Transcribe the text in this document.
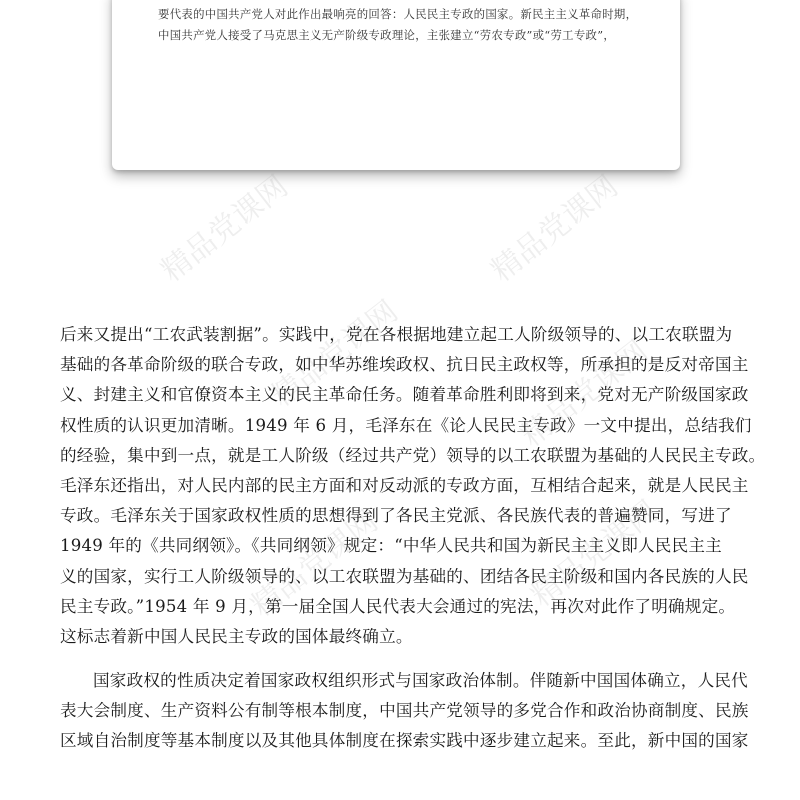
要代表的中国共产党人对此作出最响亮的回答：人民民主专政的国家。新民主主义革命时期，

中国共产党人接受了马克思主义无产阶级专政理论，主张建立“劳农专政”或“劳工专政”，

精品党课网	精品党课网
精品党课网	精品党课网
精品党课网	精品党课网

后来又提出“工农武装割据”。实践中，党在各根据地建立起工人阶级领导的、以工农联盟为

基础的各革命阶级的联合专政，如中华苏维埃政权、抗日民主政权等，所承担的是反对帝国主

义、封建主义和官僚资本主义的民主革命任务。随着革命胜利即将到来，党对无产阶级国家政

权性质的认识更加清晰。1949 年 6 月，毛泽东在《论人民民主专政》一文中提出，总结我们

的经验，集中到一点，就是工人阶级（经过共产党）领导的以工农联盟为基础的人民民主专政。

毛泽东还指出，对人民内部的民主方面和对反动派的专政方面，互相结合起来，就是人民民主

专政。毛泽东关于国家政权性质的思想得到了各民主党派、各民族代表的普遍赞同，写进了

1949 年的《共同纲领》。《共同纲领》规定：“中华人民共和国为新民主主义即人民民主主

义的国家，实行工人阶级领导的、以工农联盟为基础的、团结各民主阶级和国内各民族的人民

民主专政。”1954 年 9 月，第一届全国人民代表大会通过的宪法，再次对此作了明确规定。

这标志着新中国人民民主专政的国体最终确立。

国家政权的性质决定着国家政权组织形式与国家政治体制。伴随新中国国体确立，人民代

表大会制度、生产资料公有制等根本制度，中国共产党领导的多党合作和政治协商制度、民族

区域自治制度等基本制度以及其他具体制度在探索实践中逐步建立起来。至此，新中国的国家
